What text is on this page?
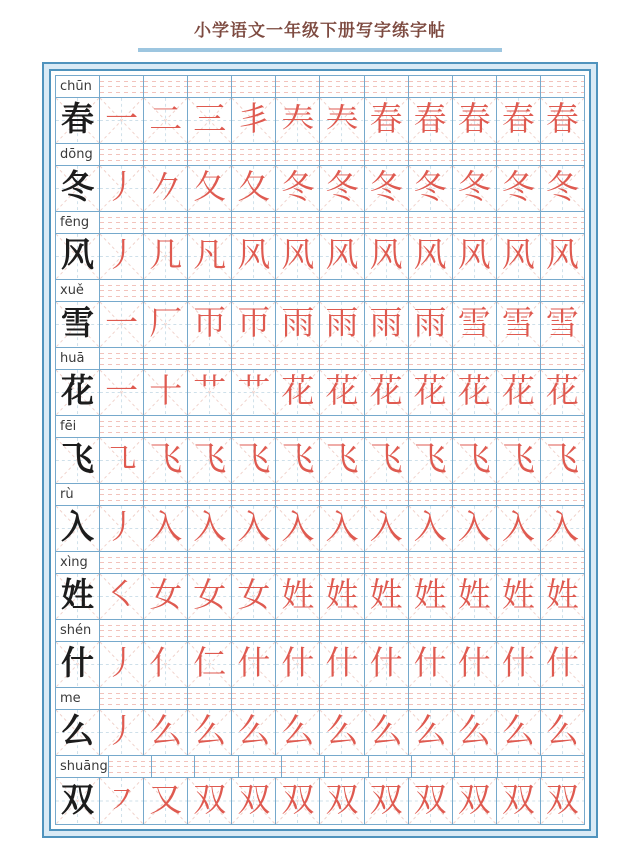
小学语文一年级下册写字练字帖
chūn
春 一 二 三 丯 𡗗 𡗗 春 春 春 春 春
dōng
冬 丿 𠂊 夂 夂 冬 冬 冬 冬 冬 冬 冬
fēng
风 丿 几 凡 风 风 风 风 风 风 风 风
xuě
雪 一 厂 帀 帀 雨 雨 雨 雨 雪 雪 雪
huā
花 一 十 艹 艹 花 花 花 花 花 花 花
fēi
飞 ㇈ 飞 飞 飞 飞 飞 飞 飞 飞 飞 飞
rù
入 丿 入 入 入 入 入 入 入 入 入 入
xìng
姓 ㇛ 女 女 女 姓 姓 姓 姓 姓 姓 姓
shén
什 丿 亻 仁 什 什 什 什 什 什 什 什
me
么 丿 么 么 么 么 么 么 么 么 么 么
shuāng
双 ㇇ 又 双 双 双 双 双 双 双 双 双
